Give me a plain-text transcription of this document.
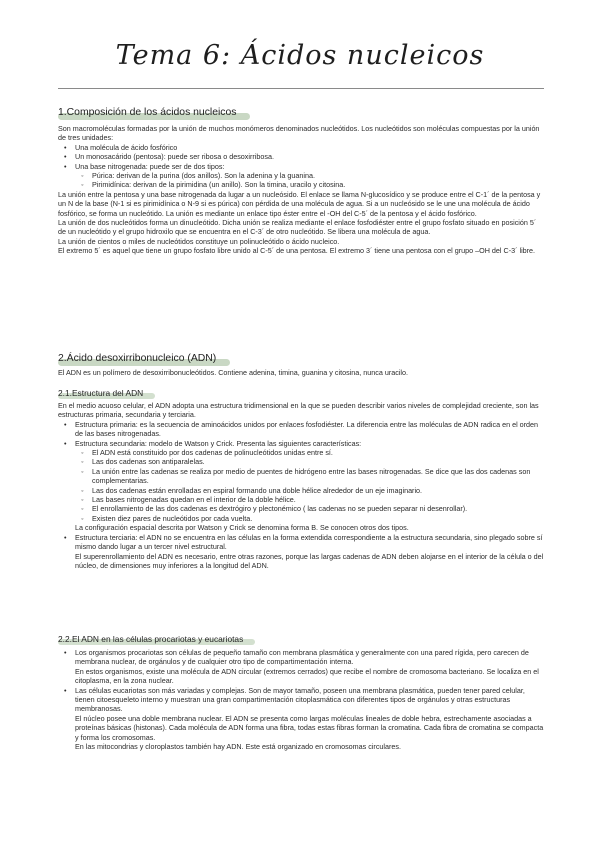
Tema 6: Ácidos nucleicos
1.Composición de los ácidos nucleicos

Son macromoléculas formadas por la unión de muchos monómeros denominados nucleótidos. Los nucleótidos son moléculas compuestas por la unión de tres unidades:

• Una molécula de ácido fosfórico
• Un monosacárido (pentosa): puede ser ribosa o desoxirribosa.
• Una base nitrogenada: puede ser de dos tipos:
◦ Púrica: derivan de la purina (dos anillos). Son la adenina y la guanina.
◦ Pirimidínica: derivan de la pirimidina (un anillo). Son la timina, uracilo y citosina.

La unión entre la pentosa y una base nitrogenada da lugar a un nucleósido. El enlace se llama N-glucosídico y se produce entre el C-1´ de la pentosa y un N de la base (N-1 si es pirimidínica o N-9 si es púrica) con pérdida de una molécula de agua. Si a un nucleósido se le une una molécula de ácido fosfórico, se forma un nucleótido. La unión es mediante un enlace tipo éster entre el -OH del C-5´ de la pentosa y el ácido fosfórico.

La unión de dos nucleótidos forma un dinucleótido. Dicha unión se realiza mediante el enlace fosfodiéster entre el grupo fosfato situado en posición 5´ de un nucleótido y el grupo hidroxilo que se encuentra en el C-3´ de otro nucleótido. Se libera una molécula de agua.

La unión de cientos o miles de nucleótidos constituye un polinucleótido o ácido nucleico.

El extremo 5´ es aquel que tiene un grupo fosfato libre unido al C-5´ de una pentosa. El extremo 3´ tiene una pentosa con el grupo –OH del C-3´ libre.

2.Ácido desoxirribonucleico (ADN)

El ADN es un polímero de desoxirribonucleótidos. Contiene adenina, timina, guanina y citosina, nunca uracilo.

2.1.Estructura del ADN

En el medio acuoso celular, el ADN adopta una estructura tridimensional en la que se pueden describir varios niveles de complejidad creciente, son las estructuras primaria, secundaria y terciaria.

• Estructura primaria: es la secuencia de aminoácidos unidos por enlaces fosfodiéster. La diferencia entre las moléculas de ADN radica en el orden de las bases nitrogenadas.
• Estructura secundaria: modelo de Watson y Crick. Presenta las siguientes características:
◦ El ADN está constituido por dos cadenas de polinucleótidos unidas entre sí.
◦ Las dos cadenas son antiparalelas.
◦ La unión entre las cadenas se realiza por medio de puentes de hidrógeno entre las bases nitrogenadas. Se dice que las dos cadenas son complementarias.
◦ Las dos cadenas están enrolladas en espiral formando una doble hélice alrededor de un eje imaginario.
◦ Las bases nitrogenadas quedan en el interior de la doble hélice.
◦ El enrollamiento de las dos cadenas es dextrógiro y plectonémico ( las cadenas no se pueden separar ni desenrollar).
◦ Existen diez pares de nucleótidos por cada vuelta.

La configuración espacial descrita por Watson y Crick se denomina forma B. Se conocen otros dos tipos.

• Estructura terciaria: el ADN no se encuentra en las células en la forma extendida correspondiente a la estructura secundaria, sino plegado sobre sí mismo dando lugar a un tercer nivel estructural.

El superenrollamiento del ADN es necesario, entre otras razones, porque las largas cadenas de ADN deben alojarse en el interior de la célula o del núcleo, de dimensiones muy inferiores a la longitud del ADN.

2.2.El ADN en las células procariotas y eucariotas
• Los organismos procariotas son células de pequeño tamaño con membrana plasmática y generalmente con una pared rígida, pero carecen de membrana nuclear, de orgánulos y de cualquier otro tipo de compartimentación interna.

En estos organismos, existe una molécula de ADN circular (extremos cerrados) que recibe el nombre de cromosoma bacteriano. Se localiza en el citoplasma, en la zona nuclear.

• Las células eucariotas son más variadas y complejas. Son de mayor tamaño, poseen una membrana plasmática, pueden tener pared celular, tienen citoesqueleto interno y muestran una gran compartimentación citoplasmática con diferentes tipos de orgánulos y otras estructuras membranosas.

El núcleo posee una doble membrana nuclear. El ADN se presenta como largas moléculas lineales de doble hebra, estrechamente asociadas a proteínas básicas (histonas). Cada molécula de ADN forma una fibra, todas estas fibras forman la cromatina. Cada fibra de cromatina se compacta y forma los cromosomas.

En las mitocondrias y cloroplastos también hay ADN. Este está organizado en cromosomas circulares.
